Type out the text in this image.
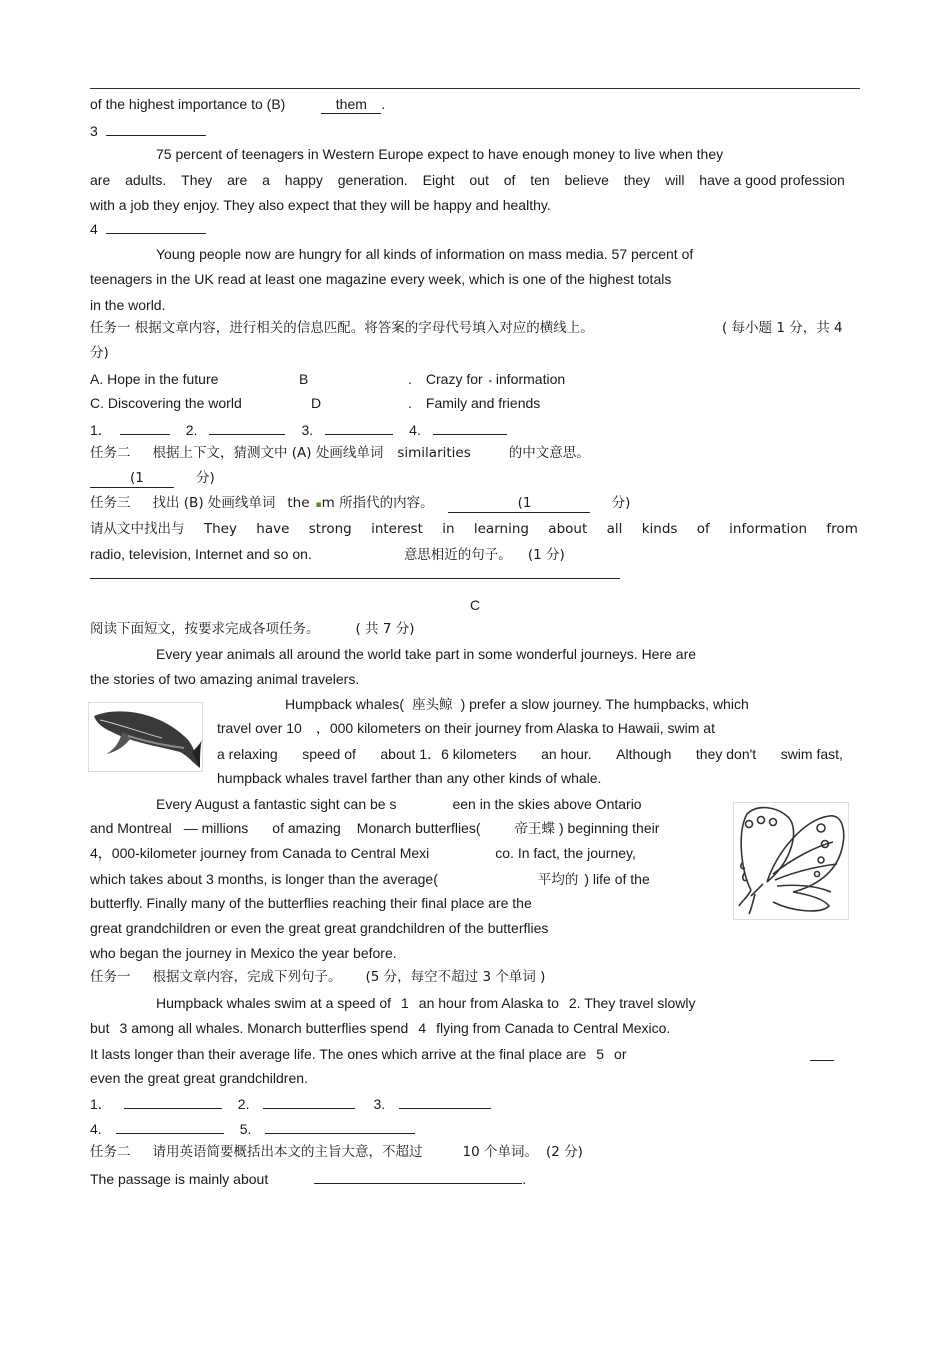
of the highest importance to (B)	them .
3
75 percent of teenagers in Western Europe expect to have enough money to live when they
are adults. They are a happy generation. Eight out of ten believe they will have a good profession
with a job they enjoy. They also expect that they will be happy and healthy.
4
Young people now are hungry for all kinds of information on mass media. 57 percent of
teenagers in the UK read at least one magazine every week, which is one of the highest totals
in the world.
任务一 根据文章内容，进行相关的信息匹配。将答案的字母代号填入对应的横线上。	( 每小题 1 分，共 4
分)
A. Hope in the future	B	. Crazy for ▪ information
C. Discovering the world	D	. Family and friends
1．	2.	3.	4.
任务二 根据上下文，猜测文中 (A) 处画线单词 similarities	的中文意思。
(1	分)
任务三 找出 (B) 处画线单词 the ▪m 所指代的内容。	(1	分)
请从文中找出与 They have strong interest in learning about all kinds of information from
radio, television, Internet and so on.	意思相近的句子。 (1 分)
C
阅读下面短文，按要求完成各项任务。	( 共 7 分)
Every year animals all around the world take part in some wonderful journeys. Here are
the stories of two amazing animal travelers.
Humpback whales( 座头鲸 ) prefer a slow journey. The humpbacks, which
travel over 10　，000 kilometers on their journey from Alaska to Hawaii, swim at
a relaxing speed of about 1．6 kilometers an hour. Although they don't swim fast,
humpback whales travel farther than any other kinds of whale.
Every August a fantastic sight can be s	een in the skies above Ontario
and Montreal — millions of amazing Monarch butterflies(	帝王蝶 ) beginning their
4，000-kilometer journey from Canada to Central Mexi	co. In fact, the journey,
which takes about 3 months, is longer than the average(	平均的 ) life of the
butterfly. Finally many of the butterflies reaching their final place are the
great grandchildren or even the great great grandchildren of the butterflies
who began the journey in Mexico the year before.
任务一 根据文章内容，完成下列句子。 (5 分，每空不超过 3 个单词 )
Humpback whales swim at a speed of 1 an hour from Alaska to 2. They travel slowly
but 3 among all whales. Monarch butterflies spend 4 flying from Canada to Central Mexico.
It lasts longer than their average life. The ones which arrive at the final place are 5 or
even the great great grandchildren.
1．	2.	3.
4.	5.
任务二 请用英语简要概括出本文的主旨大意，不超过	10 个单词。 (2 分)
The passage is mainly about	.
